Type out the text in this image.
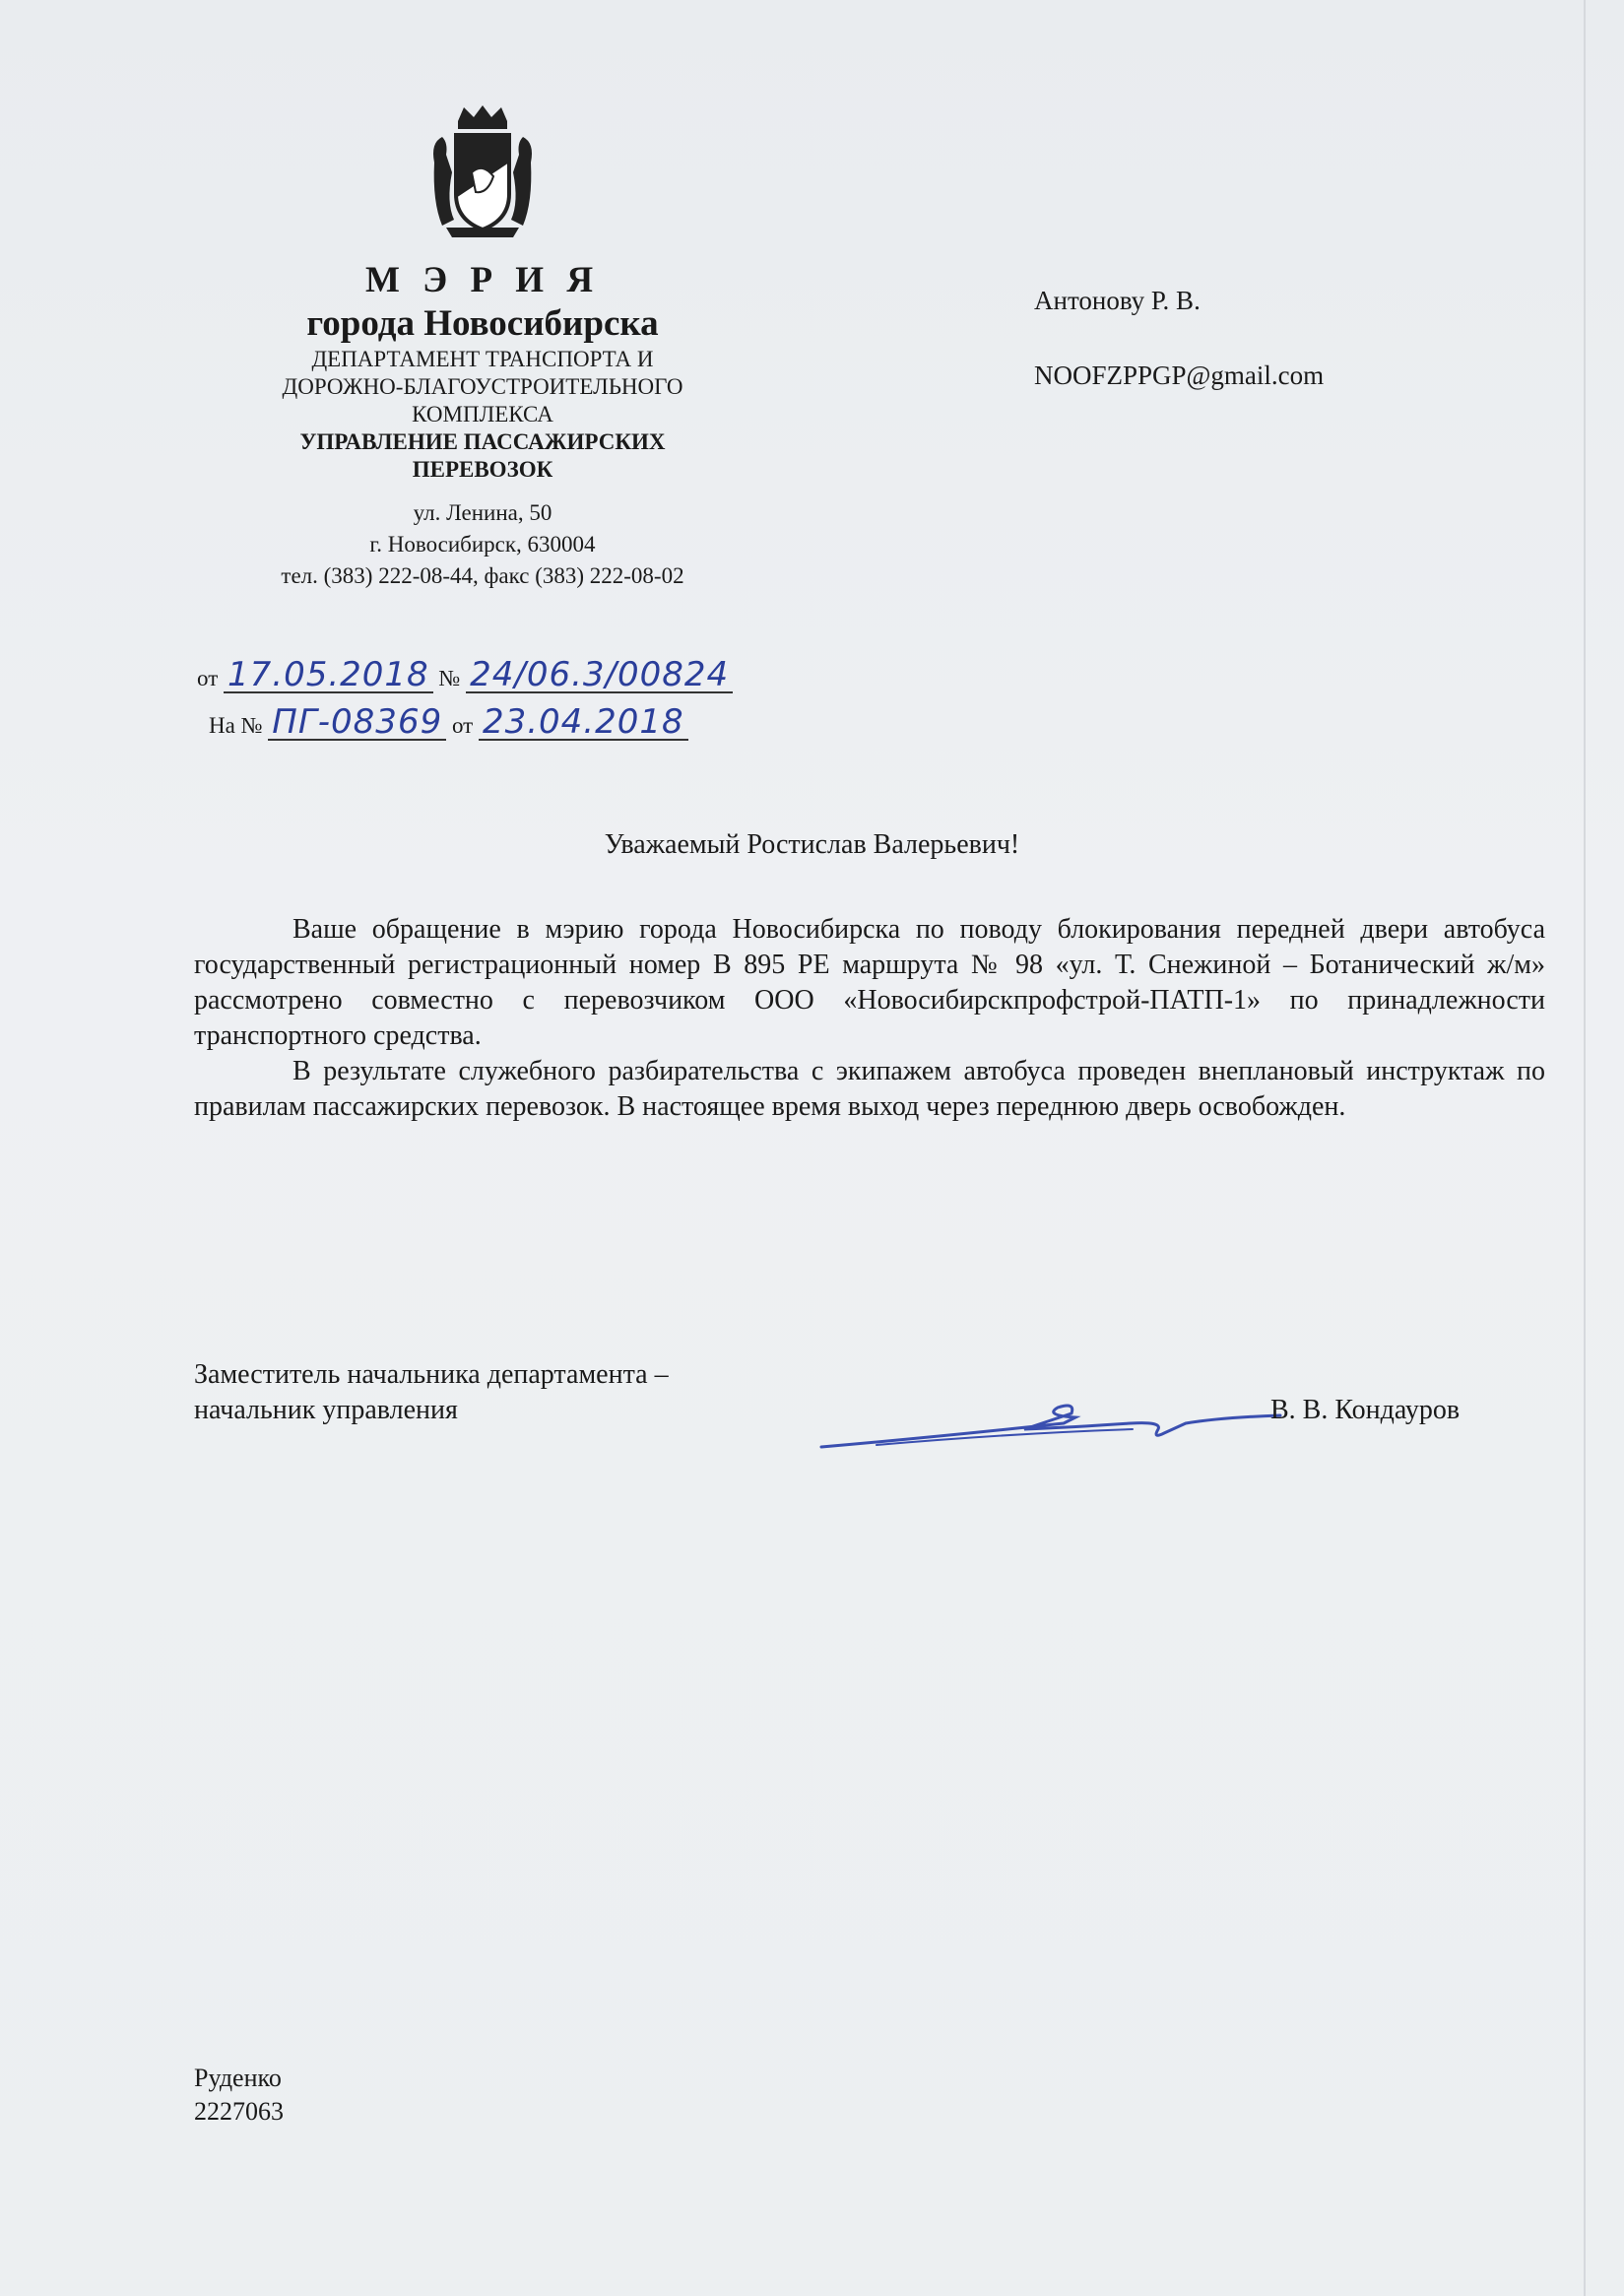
М Э Р И Я
города Новосибирска
ДЕПАРТАМЕНТ ТРАНСПОРТА И
ДОРОЖНО-БЛАГОУСТРОИТЕЛЬНОГО
КОМПЛЕКСА
УПРАВЛЕНИЕ ПАССАЖИРСКИХ
ПЕРЕВОЗОК
ул. Ленина, 50
г. Новосибирск, 630004
тел. (383) 222-08-44, факс (383) 222-08-02
от 17.05.2018 № 24/06.3/00824
На № ПГ-08369 от 23.04.2018
Антонову Р. В.
NOOFZPPGP@gmail.com
Уважаемый Ростислав Валерьевич!

Ваше обращение в мэрию города Новосибирска по поводу блокирования передней двери автобуса государственный регистрационный номер В 895 РЕ маршрута № 98 «ул. Т. Снежиной – Ботанический ж/м» рассмотрено совместно с перевозчиком ООО «Новосибирскпрофстрой-ПАТП-1» по принадлежности транспортного средства.

В результате служебного разбирательства с экипажем автобуса проведен внеплановый инструктаж по правилам пассажирских перевозок. В настоящее время выход через переднюю дверь освобожден.

Заместитель начальника департамента –
начальник управления	В. В. Кондауров
Руденко
2227063
